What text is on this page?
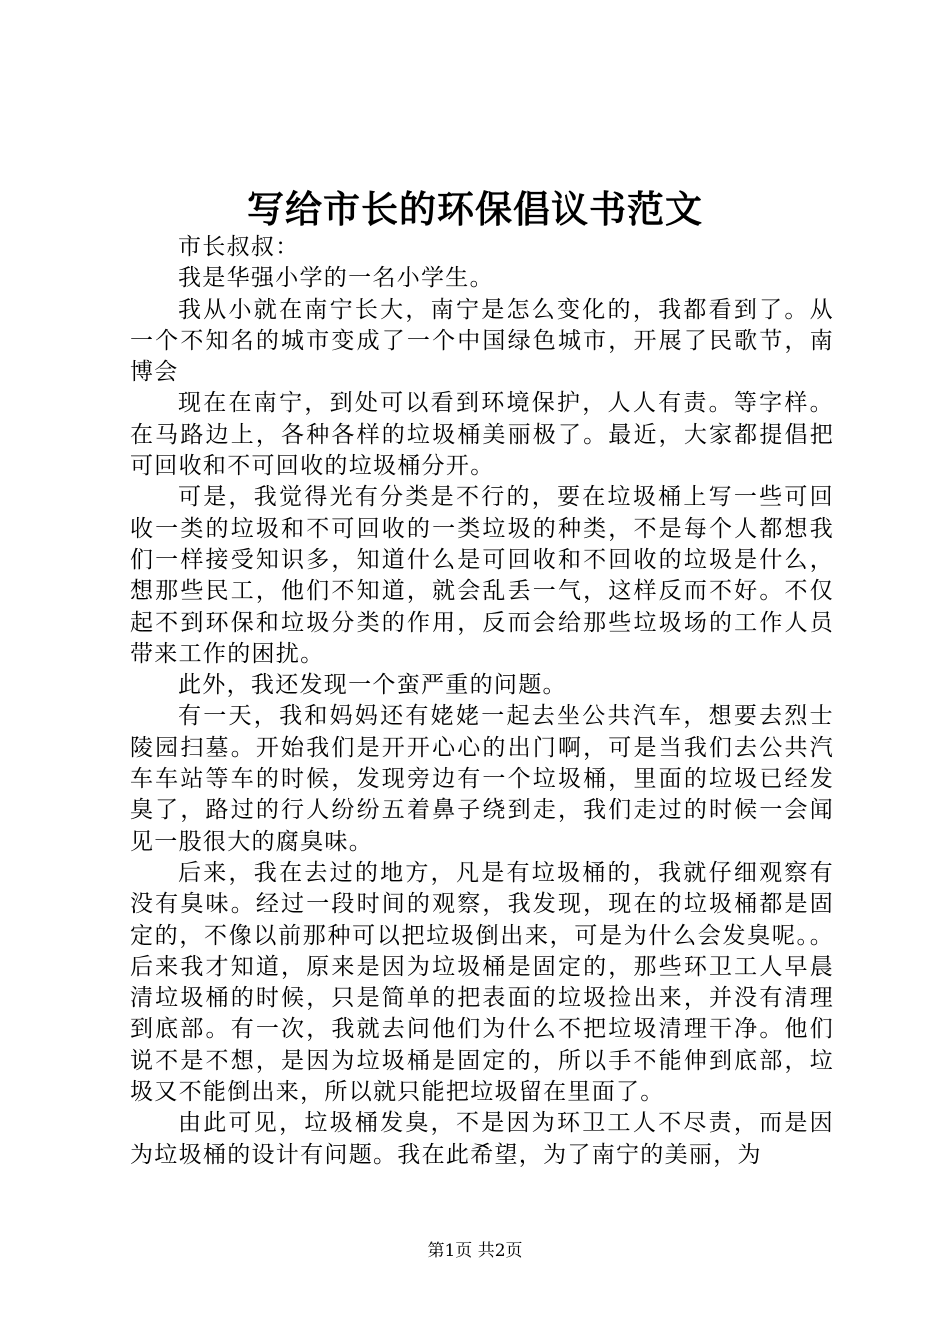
写给市长的环保倡议书范文

市长叔叔：

我是华强小学的一名小学生。

我从小就在南宁长大，南宁是怎么变化的，我都看到了。从一个不知名的城市变成了一个中国绿色城市，开展了民歌节，南博会

现在在南宁，到处可以看到环境保护，人人有责。等字样。在马路边上，各种各样的垃圾桶美丽极了。最近，大家都提倡把可回收和不可回收的垃圾桶分开。

可是，我觉得光有分类是不行的，要在垃圾桶上写一些可回收一类的垃圾和不可回收的一类垃圾的种类，不是每个人都想我们一样接受知识多，知道什么是可回收和不回收的垃圾是什么，想那些民工，他们不知道，就会乱丢一气，这样反而不好。不仅起不到环保和垃圾分类的作用，反而会给那些垃圾场的工作人员带来工作的困扰。

此外，我还发现一个蛮严重的问题。

有一天，我和妈妈还有姥姥一起去坐公共汽车，想要去烈士陵园扫墓。开始我们是开开心心的出门啊，可是当我们去公共汽车车站等车的时候，发现旁边有一个垃圾桶，里面的垃圾已经发臭了，路过的行人纷纷五着鼻子绕到走，我们走过的时候一会闻见一股很大的腐臭味。

后来，我在去过的地方，凡是有垃圾桶的，我就仔细观察有没有臭味。经过一段时间的观察，我发现，现在的垃圾桶都是固定的，不像以前那种可以把垃圾倒出来，可是为什么会发臭呢。。后来我才知道，原来是因为垃圾桶是固定的，那些环卫工人早晨清垃圾桶的时候，只是简单的把表面的垃圾捡出来，并没有清理到底部。有一次，我就去问他们为什么不把垃圾清理干净。他们说不是不想，是因为垃圾桶是固定的，所以手不能伸到底部，垃圾又不能倒出来，所以就只能把垃圾留在里面了。

由此可见，垃圾桶发臭，不是因为环卫工人不尽责，而是因为垃圾桶的设计有问题。我在此希望，为了南宁的美丽，为

第1页 共2页
